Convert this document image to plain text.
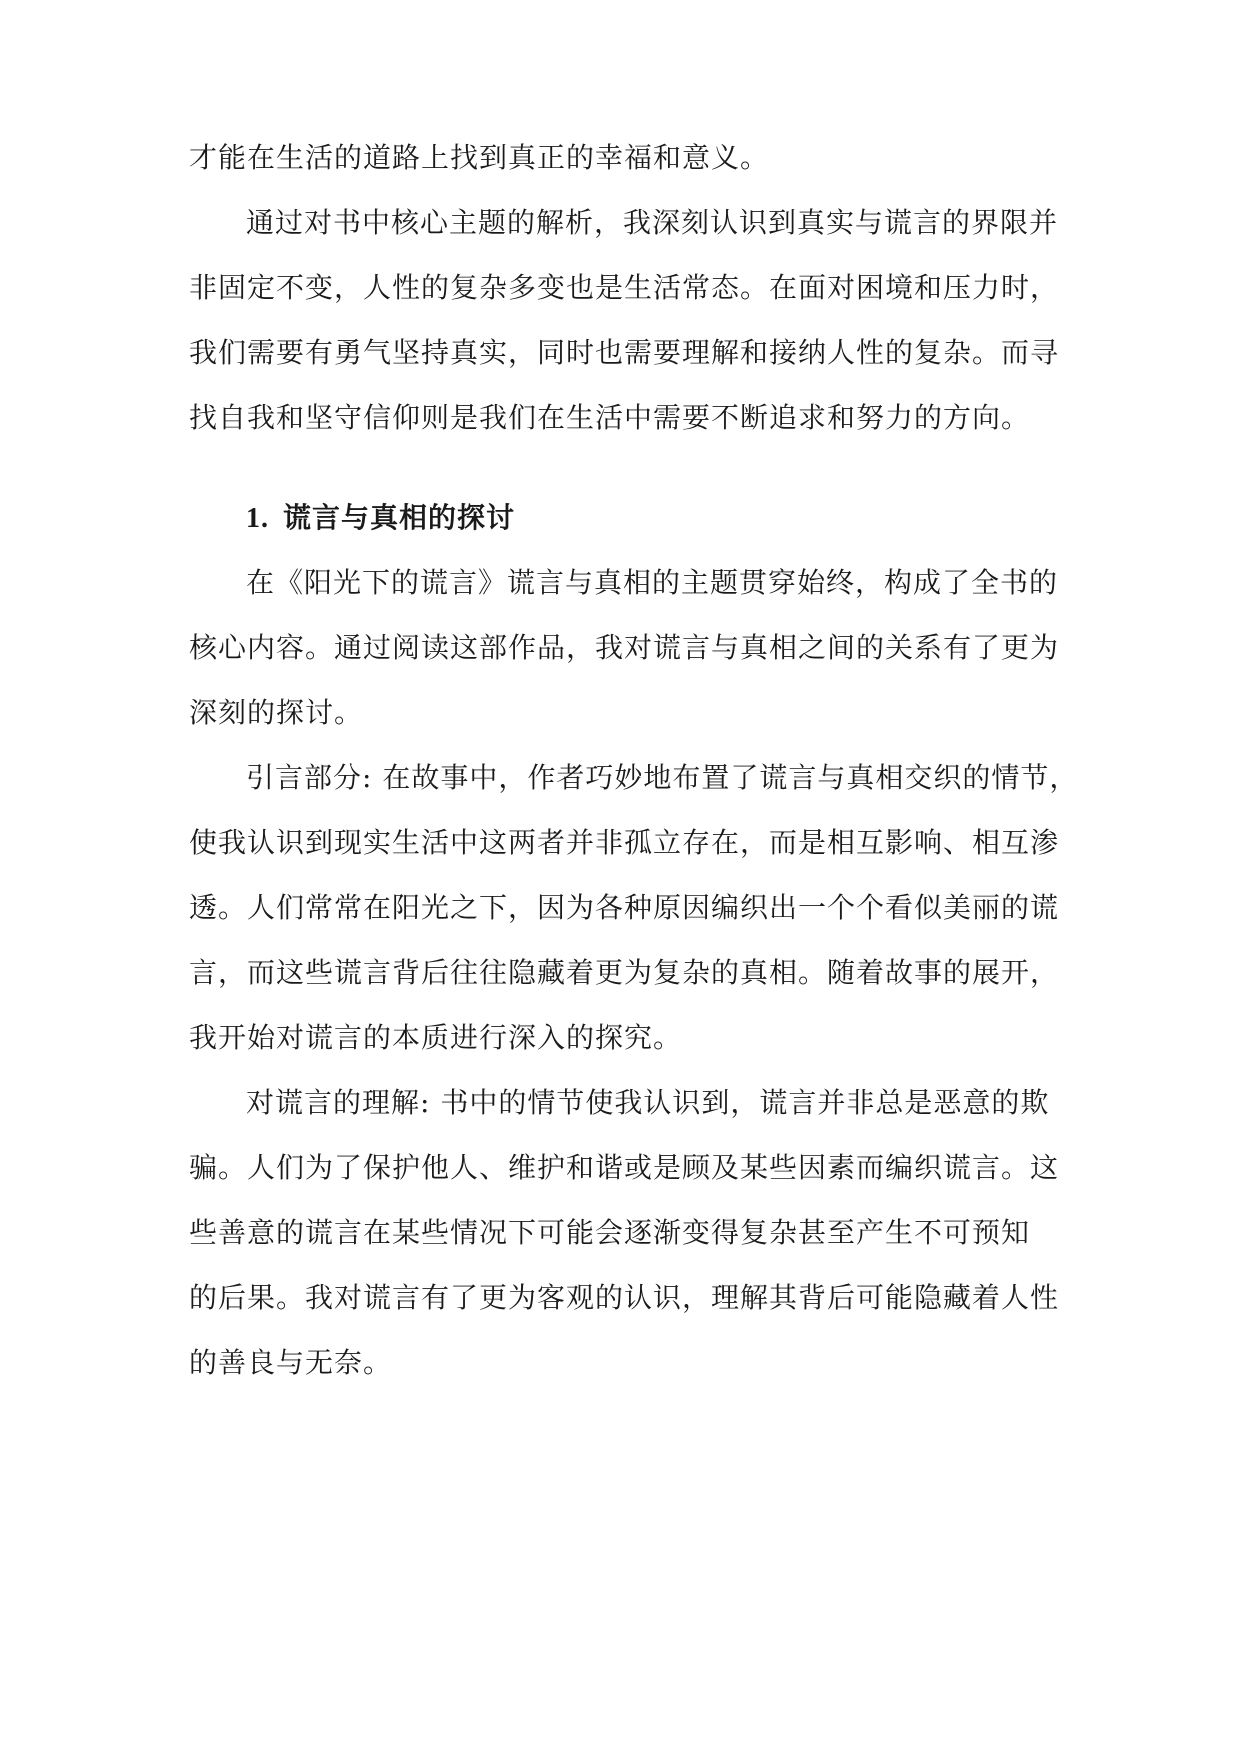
才能在生活的道路上找到真正的幸福和意义。
通过对书中核心主题的解析，我深刻认识到真实与谎言的界限并
非固定不变，人性的复杂多变也是生活常态。在面对困境和压力时，
我们需要有勇气坚持真实，同时也需要理解和接纳人性的复杂。而寻
找自我和坚守信仰则是我们在生活中需要不断追求和努力的方向。
1. 谎言与真相的探讨
在《阳光下的谎言》谎言与真相的主题贯穿始终，构成了全书的
核心内容。通过阅读这部作品，我对谎言与真相之间的关系有了更为
深刻的探讨。
引言部分: 在故事中，作者巧妙地布置了谎言与真相交织的情节，
使我认识到现实生活中这两者并非孤立存在，而是相互影响、相互渗
透。人们常常在阳光之下，因为各种原因编织出一个个看似美丽的谎
言，而这些谎言背后往往隐藏着更为复杂的真相。随着故事的展开，
我开始对谎言的本质进行深入的探究。
对谎言的理解: 书中的情节使我认识到，谎言并非总是恶意的欺
骗。人们为了保护他人、维护和谐或是顾及某些因素而编织谎言。这
些善意的谎言在某些情况下可能会逐渐变得复杂甚至产生不可预知
的后果。我对谎言有了更为客观的认识，理解其背后可能隐藏着人性
的善良与无奈。
